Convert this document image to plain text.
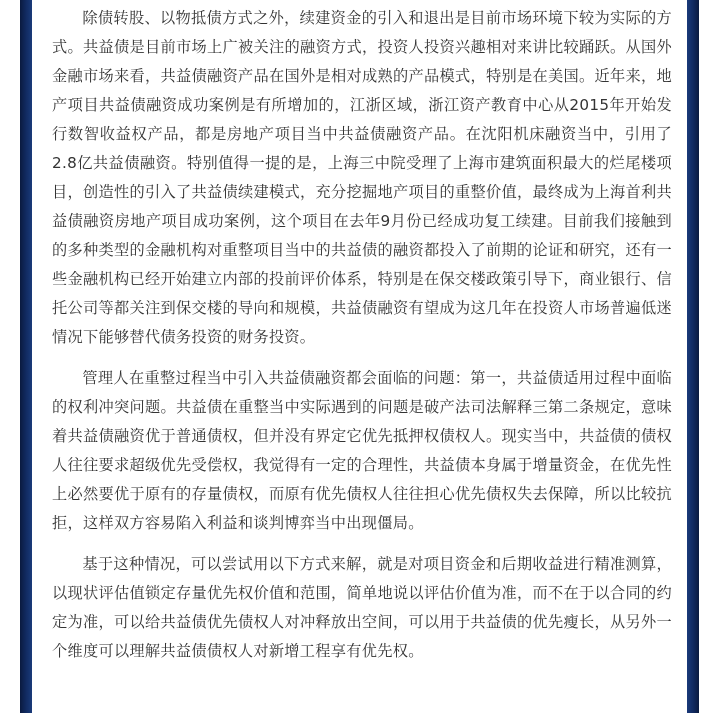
除债转股、以物抵债方式之外，续建资金的引入和退出是目前市场环境下较为实际的方式。共益债是目前市场上广被关注的融资方式，投资人投资兴趣相对来讲比较踊跃。从国外金融市场来看，共益债融资产品在国外是相对成熟的产品模式，特别是在美国。近年来，地产项目共益债融资成功案例是有所增加的，江浙区域，浙江资产教育中心从2015年开始发行数智收益权产品，都是房地产项目当中共益债融资产品。在沈阳机床融资当中，引用了2.8亿共益债融资。特别值得一提的是，上海三中院受理了上海市建筑面积最大的烂尾楼项目，创造性的引入了共益债续建模式，充分挖掘地产项目的重整价值，最终成为上海首利共益债融资房地产项目成功案例，这个项目在去年9月份已经成功复工续建。目前我们接触到的多种类型的金融机构对重整项目当中的共益债的融资都投入了前期的论证和研究，还有一些金融机构已经开始建立内部的投前评价体系，特别是在保交楼政策引导下，商业银行、信托公司等都关注到保交楼的导向和规模，共益债融资有望成为这几年在投资人市场普遍低迷情况下能够替代债务投资的财务投资。

管理人在重整过程当中引入共益债融资都会面临的问题：第一，共益债适用过程中面临的权利冲突问题。共益债在重整当中实际遇到的问题是破产法司法解释三第二条规定，意味着共益债融资优于普通债权，但并没有界定它优先抵押权债权人。现实当中，共益债的债权人往往要求超级优先受偿权，我觉得有一定的合理性，共益债本身属于增量资金，在优先性上必然要优于原有的存量债权，而原有优先债权人往往担心优先债权失去保障，所以比较抗拒，这样双方容易陷入利益和谈判博弈当中出现僵局。

基于这种情况，可以尝试用以下方式来解，就是对项目资金和后期收益进行精准测算，以现状评估值锁定存量优先权价值和范围，简单地说以评估价值为准，而不在于以合同的约定为准，可以给共益债优先债权人对冲释放出空间，可以用于共益债的优先瘦长，从另外一个维度可以理解共益债债权人对新增工程享有优先权。
